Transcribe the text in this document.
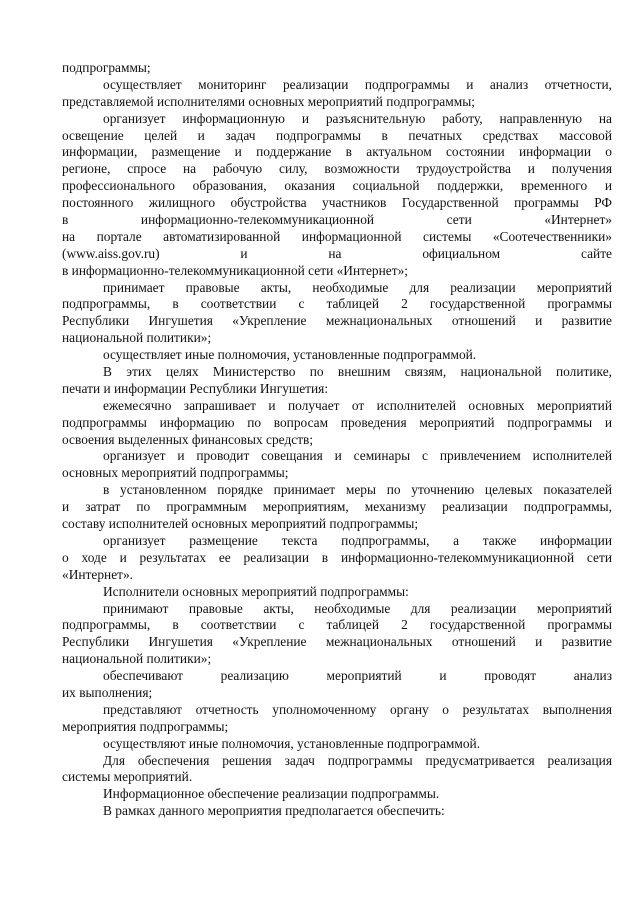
подпрограммы;
осуществляет мониторинг реализации подпрограммы и анализ отчетности,
представляемой исполнителями основных мероприятий подпрограммы;
организует информационную и разъяснительную работу, направленную на
освещение целей и задач подпрограммы в печатных средствах массовой
информации, размещение и поддержание в актуальном состоянии информации о
регионе, спросе на рабочую силу, возможности трудоустройства и получения
профессионального образования, оказания социальной поддержки, временного и
постоянного жилищного обустройства участников Государственной программы РФ
в информационно-телекоммуникационной сети «Интернет»
на портале автоматизированной информационной системы «Соотечественники»
(www.aiss.gov.ru) и на официальном сайте
в информационно-телекоммуникационной сети «Интернет»;
принимает правовые акты, необходимые для реализации мероприятий
подпрограммы, в соответствии с таблицей 2 государственной программы
Республики Ингушетия «Укрепление межнациональных отношений и развитие
национальной политики»;
осуществляет иные полномочия, установленные подпрограммой.
В этих целях Министерство по внешним связям, национальной политике,
печати и информации Республики Ингушетия:
ежемесячно запрашивает и получает от исполнителей основных мероприятий
подпрограммы информацию по вопросам проведения мероприятий подпрограммы и
освоения выделенных финансовых средств;
организует и проводит совещания и семинары с привлечением исполнителей
основных мероприятий подпрограммы;
в установленном порядке принимает меры по уточнению целевых показателей
и затрат по программным мероприятиям, механизму реализации подпрограммы,
составу исполнителей основных мероприятий подпрограммы;
организует размещение текста подпрограммы, а также информации
о ходе и результатах ее реализации в информационно-телекоммуникационной сети
«Интернет».
Исполнители основных мероприятий подпрограммы:
принимают правовые акты, необходимые для реализации мероприятий
подпрограммы, в соответствии с таблицей 2 государственной программы
Республики Ингушетия «Укрепление межнациональных отношений и развитие
национальной политики»;
обеспечивают реализацию мероприятий и проводят анализ
их выполнения;
представляют отчетность уполномоченному органу о результатах выполнения
мероприятия подпрограммы;
осуществляют иные полномочия, установленные подпрограммой.
Для обеспечения решения задач подпрограммы предусматривается реализация
системы мероприятий.
Информационное обеспечение реализации подпрограммы.
В рамках данного мероприятия предполагается обеспечить:
